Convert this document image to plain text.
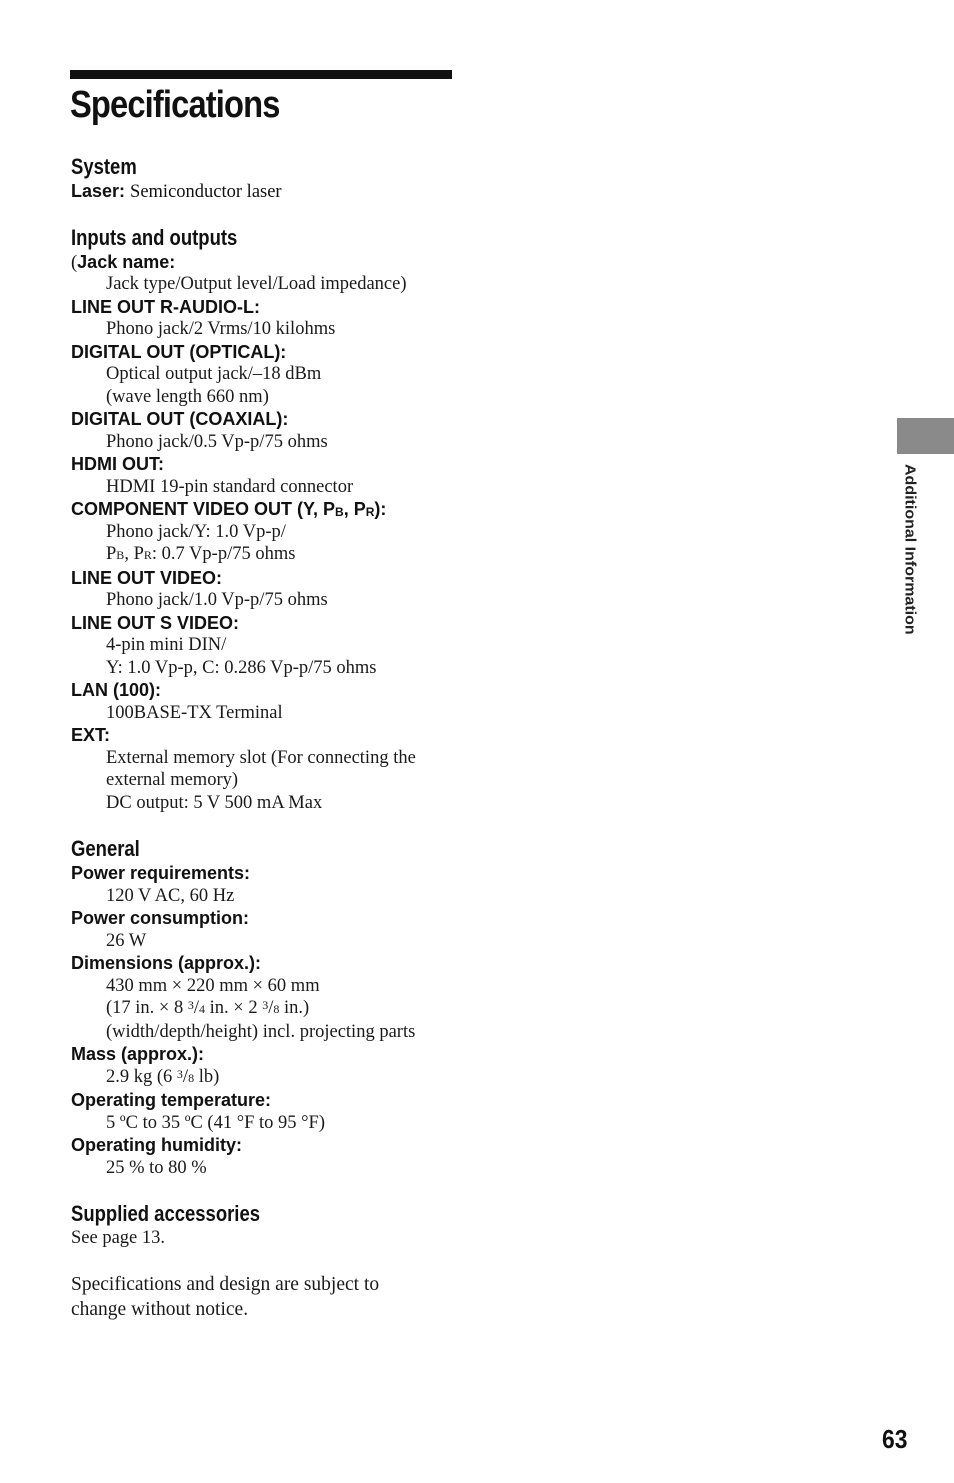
Specifications
System
Laser: Semiconductor laser
Inputs and outputs
(Jack name:
Jack type/Output level/Load impedance)
LINE OUT R-AUDIO-L:
Phono jack/2 Vrms/10 kilohms
DIGITAL OUT (OPTICAL):
Optical output jack/–18 dBm
(wave length 660 nm)
DIGITAL OUT (COAXIAL):
Phono jack/0.5 Vp-p/75 ohms
HDMI OUT:
HDMI 19-pin standard connector
COMPONENT VIDEO OUT (Y, $P_B$, $P_R$):
Phono jack/Y: 1.0 Vp-p/
PB, PR: 0.7 Vp-p/75 ohms
LINE OUT VIDEO:
Phono jack/1.0 Vp-p/75 ohms
LINE OUT S VIDEO:
4-pin mini DIN/
Y: 1.0 Vp-p, C: 0.286 Vp-p/75 ohms
LAN (100):
100BASE-TX Terminal
EXT:
External memory slot (For connecting the
external memory)
DC output: 5 V 500 mA Max
General
Power requirements:
120 V AC, 60 Hz
Power consumption:
26 W
Dimensions (approx.):
430 mm × 220 mm × 60 mm
(17 in. × 8 $^3$/4 in. × 2 $^3$/8 in.)
(width/depth/height) incl. projecting parts
Mass (approx.):
2.9 kg (6 $^3$/8 lb)
Operating temperature:
5 ºC to 35 ºC (41 °F to 95 °F)
Operating humidity:
25 % to 80 %
Supplied accessories
See page 13.
Specifications and design are subject to
change without notice.
Additional Information
63
